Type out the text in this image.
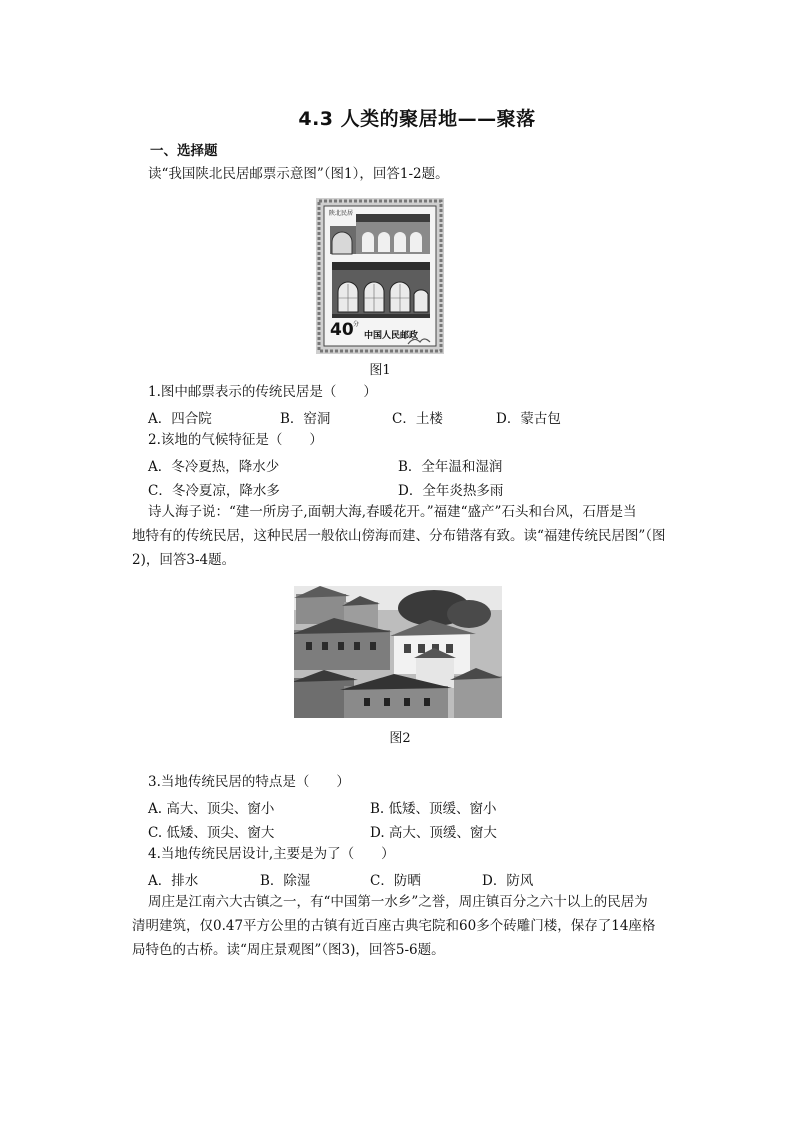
4.3 人类的聚居地——聚落
一、选择题
读“我国陕北民居邮票示意图”（图1），回答1-2题。
陕北民居
40 分
中国人民邮政
图1
1.图中邮票表示的传统民居是（　　）
A．四合院	B．窑洞	C．土楼	D．蒙古包
2.该地的气候特征是（　　）
A．冬冷夏热，降水少	B．全年温和湿润
C．冬冷夏凉，降水多	D．全年炎热多雨
诗人海子说：“建一所房子,面朝大海,春暖花开。”福建“盛产”石头和台风，石厝是当
地特有的传统民居，这种民居一般依山傍海而建、分布错落有致。读“福建传统民居图”（图
2)，回答3-4题。
图2
3.当地传统民居的特点是（　　）
A. 高大、顶尖、窗小	B. 低矮、顶缓、窗小
C. 低矮、顶尖、窗大	D. 高大、顶缓、窗大
4.当地传统民居设计,主要是为了（　　）
A．排水	B．除湿	C．防晒	D．防风
周庄是江南六大古镇之一，有“中国第一水乡”之誉，周庄镇百分之六十以上的民居为
清明建筑，仅0.47平方公里的古镇有近百座古典宅院和60多个砖雕门楼，保存了14座格
局特色的古桥。读“周庄景观图”（图3)，回答5-6题。
